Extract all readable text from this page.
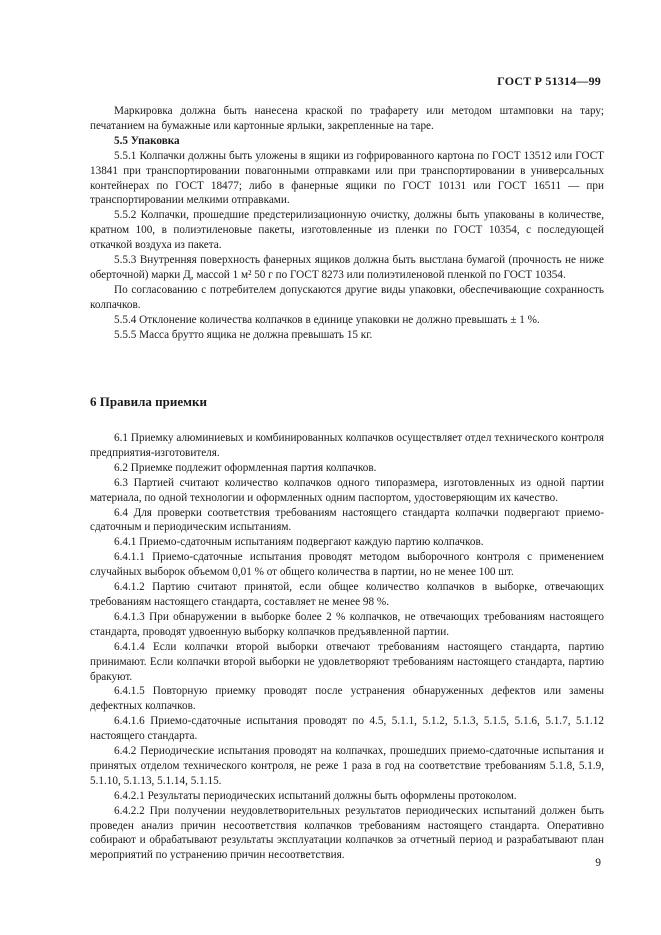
ГОСТ Р 51314—99

Маркировка должна быть нанесена краской по трафарету или методом штамповки на тару; печатанием на бумажные или картонные ярлыки, закрепленные на таре.

5.5 Упаковка

5.5.1 Колпачки должны быть уложены в ящики из гофрированного картона по ГОСТ 13512 или ГОСТ 13841 при транспортировании повагонными отправками или при транспортировании в универсальных контейнерах по ГОСТ 18477; либо в фанерные ящики по ГОСТ 10131 или ГОСТ 16511 — при транспортировании мелкими отправками.

5.5.2 Колпачки, прошедшие предстерилизационную очистку, должны быть упакованы в количестве, кратном 100, в полиэтиленовые пакеты, изготовленные из пленки по ГОСТ 10354, с последующей откачкой воздуха из пакета.

5.5.3 Внутренняя поверхность фанерных ящиков должна быть выстлана бумагой (прочность не ниже оберточной) марки Д, массой 1 м² 50 г по ГОСТ 8273 или полиэтиленовой пленкой по ГОСТ 10354.

По согласованию с потребителем допускаются другие виды упаковки, обеспечивающие сохранность колпачков.

5.5.4 Отклонение количества колпачков в единице упаковки не должно превышать ± 1 %.

5.5.5 Масса брутто ящика не должна превышать 15 кг.

6 Правила приемки

6.1 Приемку алюминиевых и комбинированных колпачков осуществляет отдел технического контроля предприятия-изготовителя.

6.2 Приемке подлежит оформленная партия колпачков.

6.3 Партией считают количество колпачков одного типоразмера, изготовленных из одной партии материала, по одной технологии и оформленных одним паспортом, удостоверяющим их качество.

6.4 Для проверки соответствия требованиям настоящего стандарта колпачки подвергают приемо-сдаточным и периодическим испытаниям.

6.4.1 Приемо-сдаточным испытаниям подвергают каждую партию колпачков.

6.4.1.1 Приемо-сдаточные испытания проводят методом выборочного контроля с применением случайных выборок объемом 0,01 % от общего количества в партии, но не менее 100 шт.

6.4.1.2 Партию считают принятой, если общее количество колпачков в выборке, отвечающих требованиям настоящего стандарта, составляет не менее 98 %.

6.4.1.3 При обнаружении в выборке более 2 % колпачков, не отвечающих требованиям настоящего стандарта, проводят удвоенную выборку колпачков предъявленной партии.

6.4.1.4 Если колпачки второй выборки отвечают требованиям настоящего стандарта, партию принимают. Если колпачки второй выборки не удовлетворяют требованиям настоящего стандарта, партию бракуют.

6.4.1.5 Повторную приемку проводят после устранения обнаруженных дефектов или замены дефектных колпачков.

6.4.1.6 Приемо-сдаточные испытания проводят по 4.5, 5.1.1, 5.1.2, 5.1.3, 5.1.5, 5.1.6, 5.1.7, 5.1.12 настоящего стандарта.

6.4.2 Периодические испытания проводят на колпачках, прошедших приемо-сдаточные испытания и принятых отделом технического контроля, не реже 1 раза в год на соответствие требованиям 5.1.8, 5.1.9, 5.1.10, 5.1.13, 5.1.14, 5.1.15.

6.4.2.1 Результаты периодических испытаний должны быть оформлены протоколом.

6.4.2.2 При получении неудовлетворительных результатов периодических испытаний должен быть проведен анализ причин несоответствия колпачков требованиям настоящего стандарта. Оперативно собирают и обрабатывают результаты эксплуатации колпачков за отчетный период и разрабатывают план мероприятий по устранению причин несоответствия.

9
